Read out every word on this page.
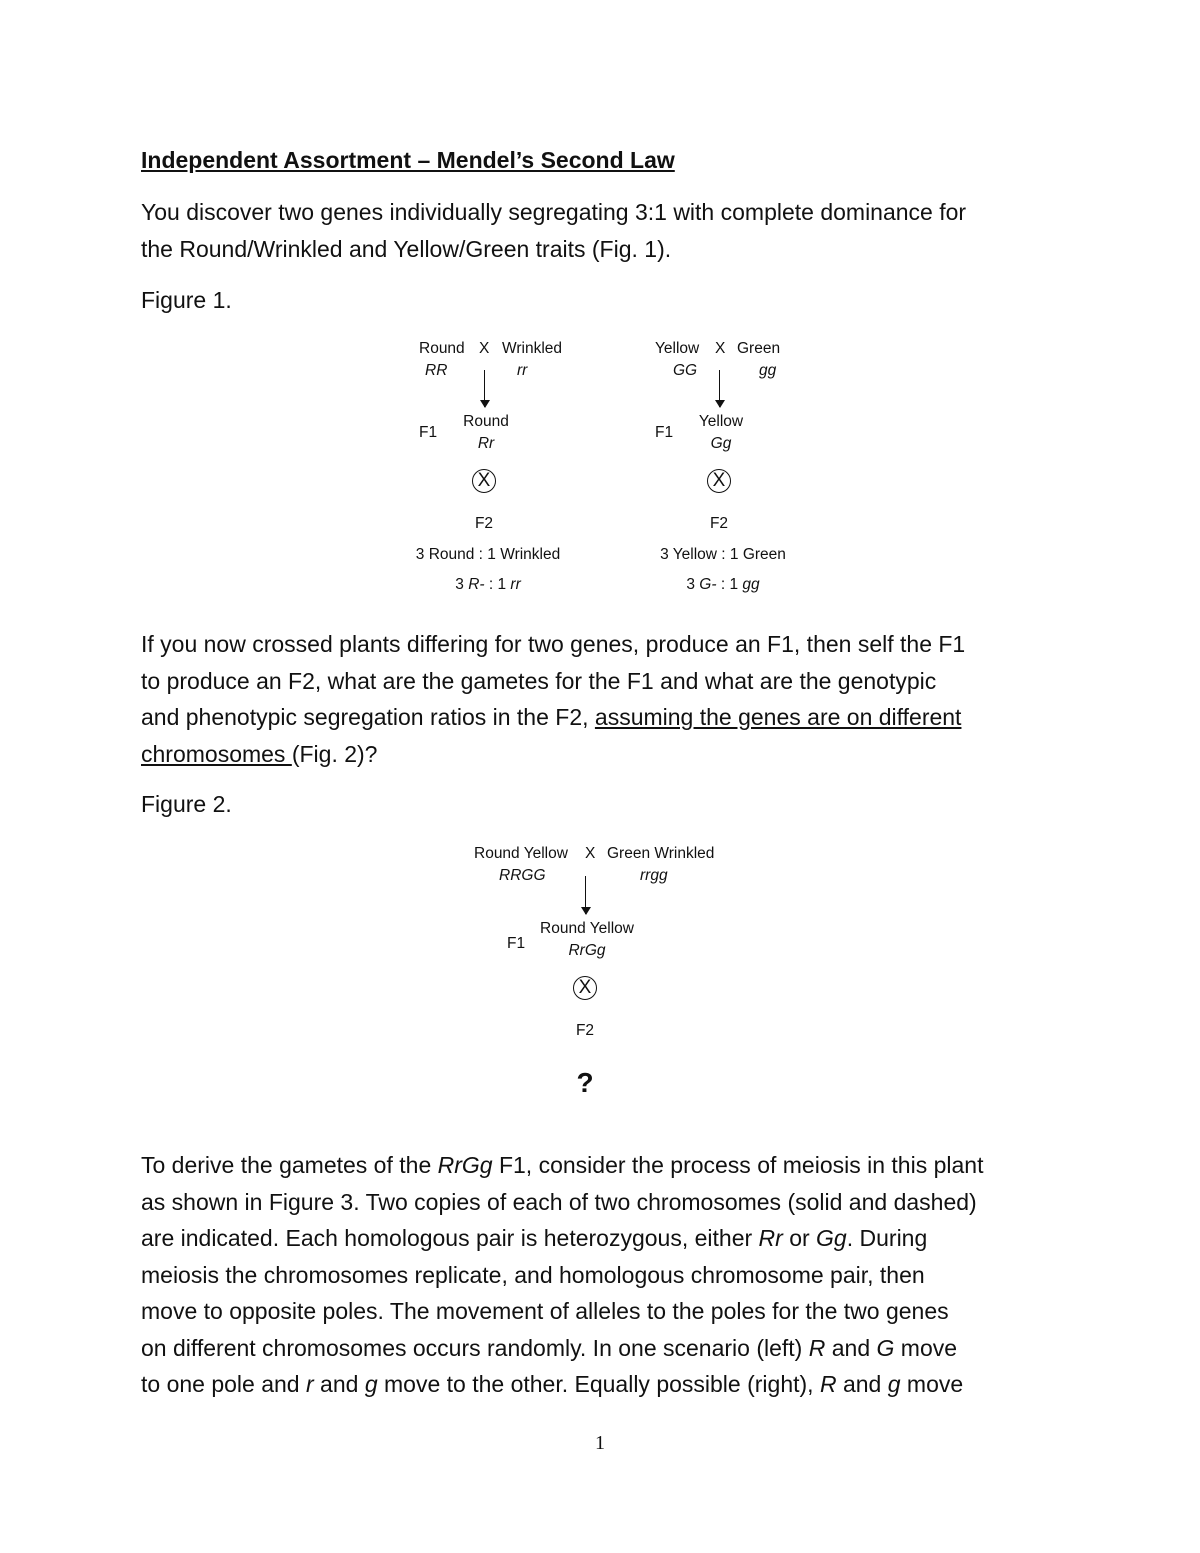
Independent Assortment – Mendel’s Second Law
You discover two genes individually segregating 3:1 with complete dominance for
the Round/Wrinkled and Yellow/Green traits (Fig. 1).
Figure 1.
Round X Wrinkled
RR	rr
F1
Round
Rr
X
F2
3 Round : 1 Wrinkled
3 R- : 1 rr
Yellow X Green
GG	gg
F1
Yellow
Gg
X
F2
3 Yellow : 1 Green
3 G- : 1 gg
If you now crossed plants differing for two genes, produce an F1, then self the F1
to produce an F2, what are the gametes for the F1 and what are the genotypic
and phenotypic segregation ratios in the F2, assuming the genes are on different
chromosomes (Fig. 2)?
Figure 2.
Round Yellow X Green Wrinkled
RRGG	rrgg
F1
Round Yellow
RrGg
X
F2
?
To derive the gametes of the RrGg F1, consider the process of meiosis in this plant
as shown in Figure 3. Two copies of each of two chromosomes (solid and dashed)
are indicated. Each homologous pair is heterozygous, either Rr or Gg. During
meiosis the chromosomes replicate, and homologous chromosome pair, then
move to opposite poles. The movement of alleles to the poles for the two genes
on different chromosomes occurs randomly. In one scenario (left) R and G move
to one pole and r and g move to the other. Equally possible (right), R and g move
1
